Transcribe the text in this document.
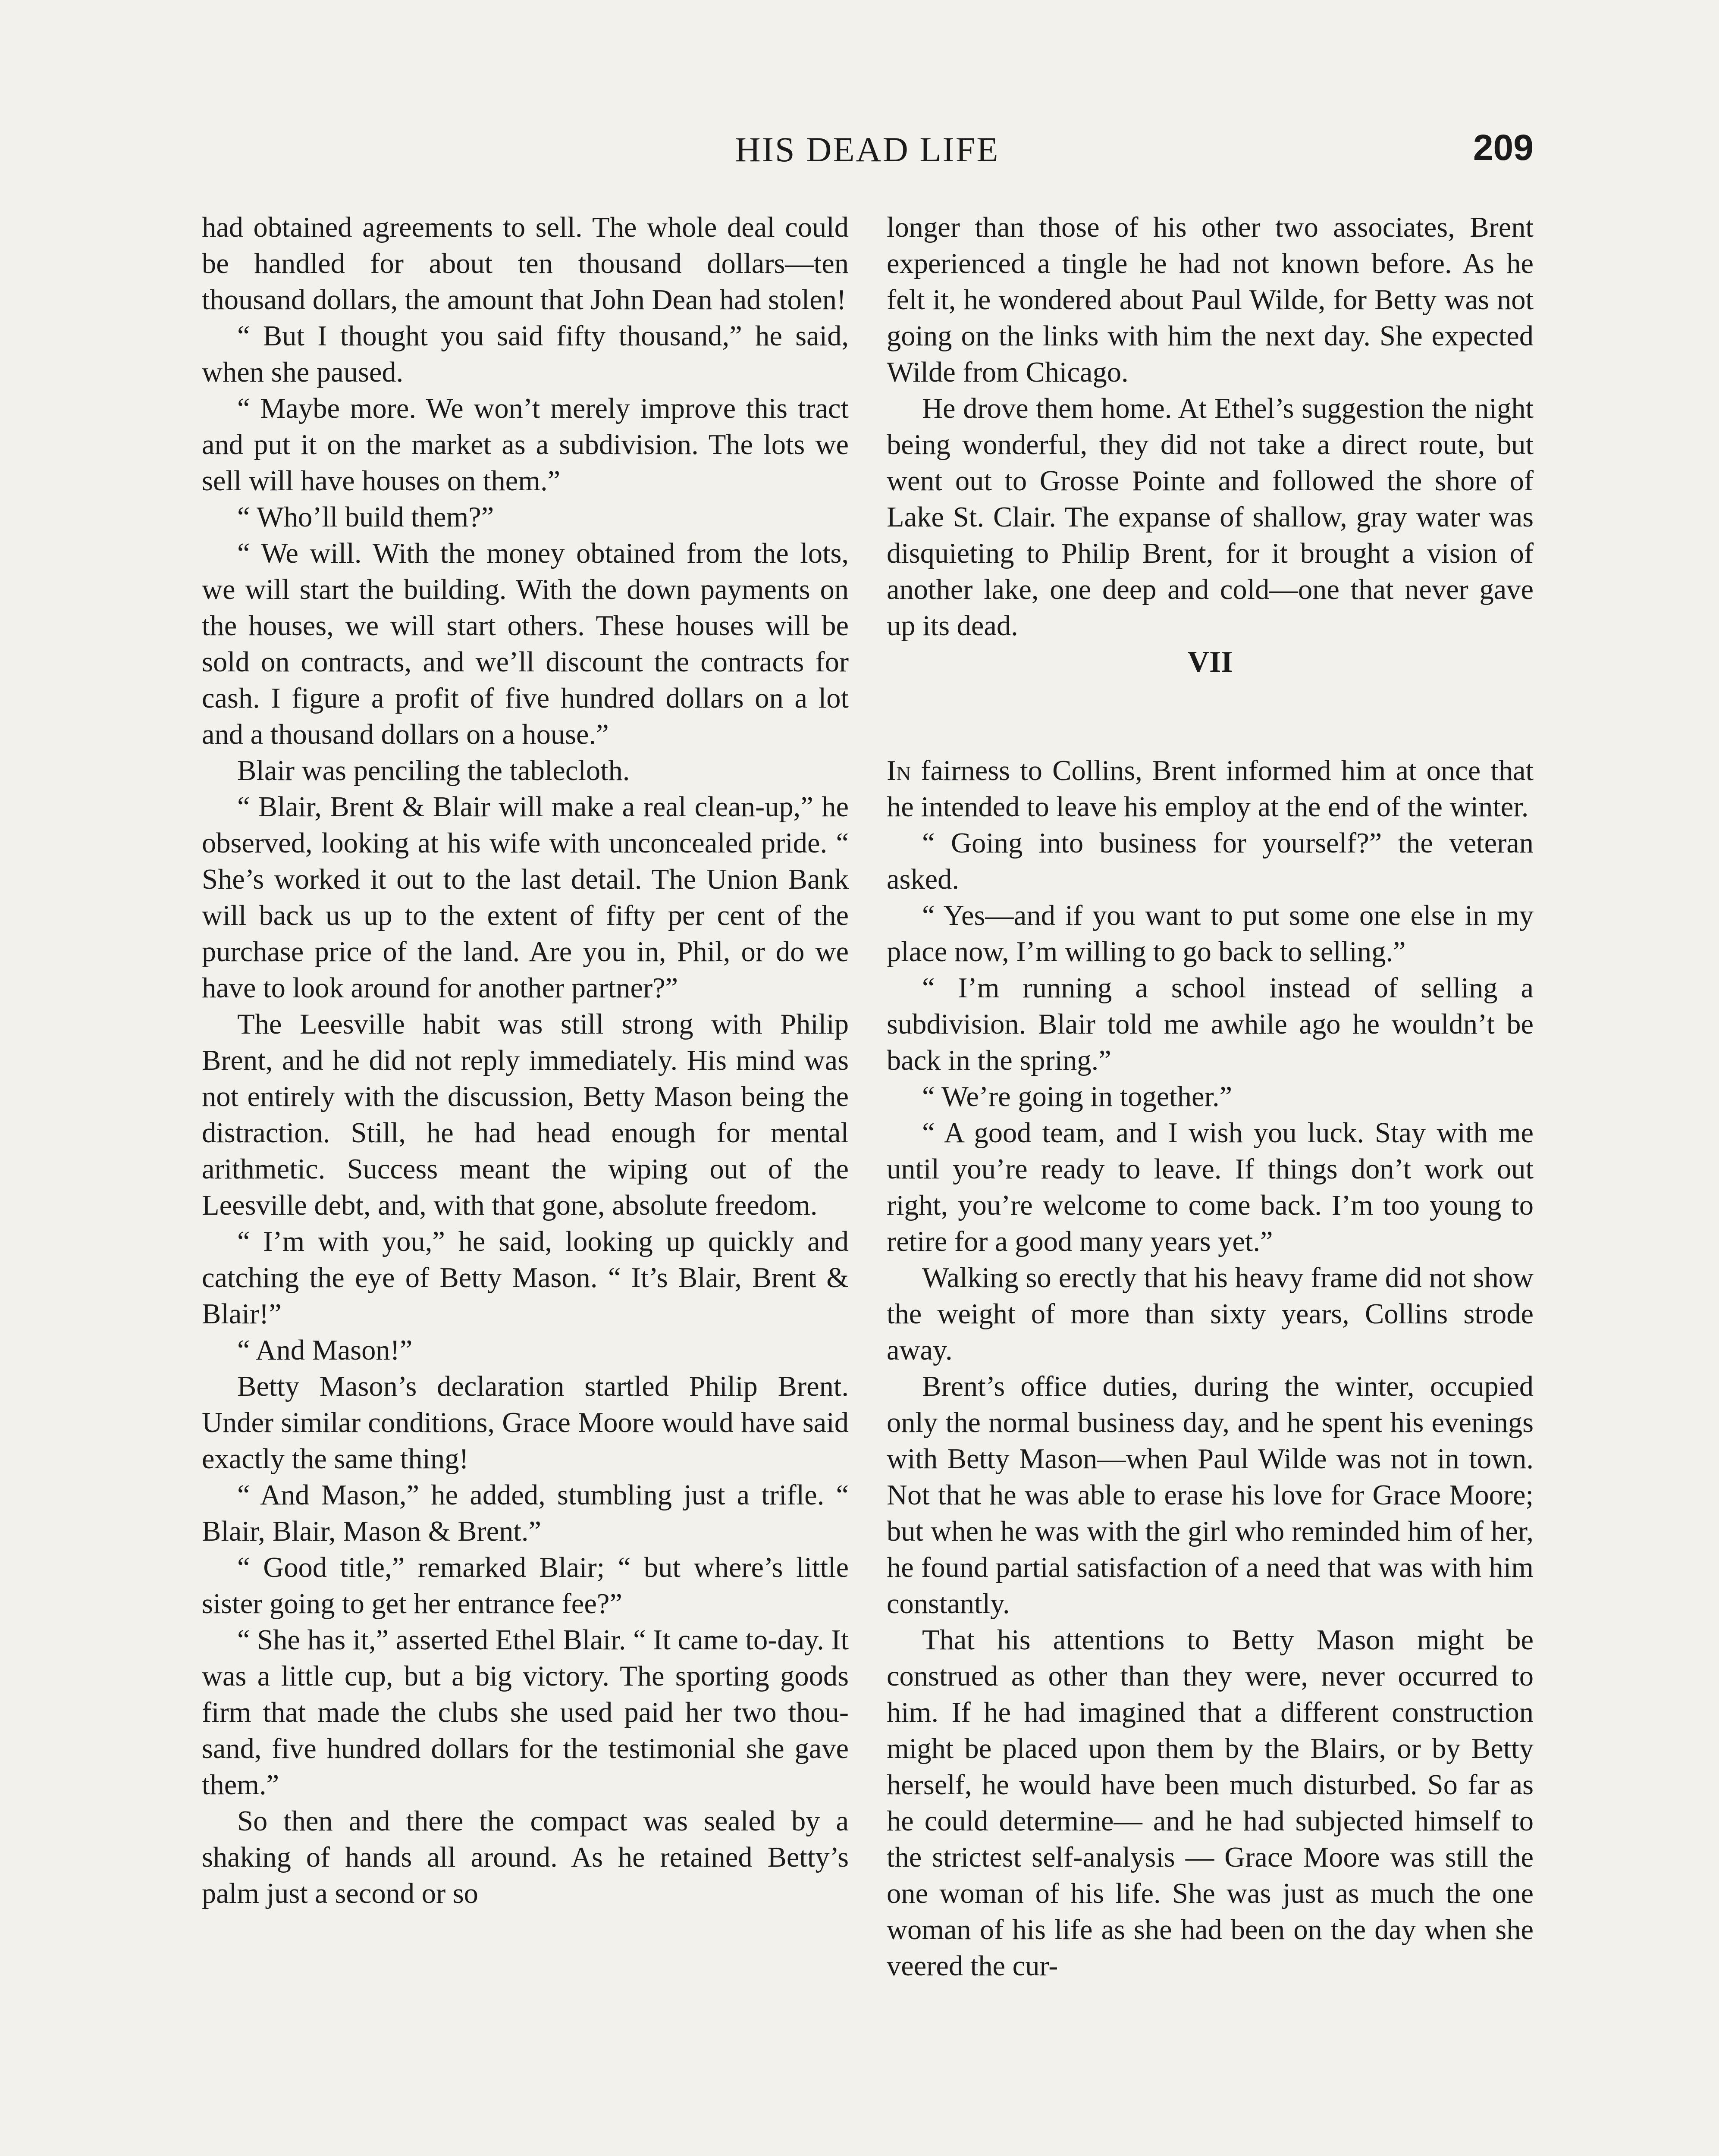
HIS DEAD LIFE	209

had obtained agreements to sell. The whole deal could be handled for about ten thousand dollars—ten thousand dollars, the amount that John Dean had stolen!

“ But I thought you said fifty thousand,” he said, when she paused.

“ Maybe more. We won’t merely improve this tract and put it on the market as a subdivision. The lots we sell will have houses on them.”

“ Who’ll build them?”

“ We will. With the money obtained from the lots, we will start the building. With the down payments on the houses, we will start others. These houses will be sold on contracts, and we’ll discount the contracts for cash. I figure a profit of five hundred dollars on a lot and a thousand dollars on a house.”

Blair was penciling the tablecloth.

“ Blair, Brent & Blair will make a real clean-up,” he observed, looking at his wife with unconcealed pride. “ She’s worked it out to the last detail. The Union Bank will back us up to the extent of fifty per cent of the purchase price of the land. Are you in, Phil, or do we have to look around for another partner?”

The Leesville habit was still strong with Philip Brent, and he did not reply immediately. His mind was not entirely with the discussion, Betty Mason being the distraction. Still, he had head enough for mental arithmetic. Success meant the wiping out of the Leesville debt, and, with that gone, absolute freedom.

“ I’m with you,” he said, looking up quickly and catching the eye of Betty Mason. “ It’s Blair, Brent & Blair!”

“ And Mason!”

Betty Mason’s declaration startled Philip Brent. Under similar conditions, Grace Moore would have said exactly the same thing!

“ And Mason,” he added, stumbling just a trifle. “ Blair, Blair, Mason & Brent.”

“ Good title,” remarked Blair; “ but where’s little sister going to get her entrance fee?”

“ She has it,” asserted Ethel Blair. “ It came to-day. It was a little cup, but a big victory. The sporting goods firm that made the clubs she used paid her two thousand, five hundred dollars for the testimonial she gave them.”

So then and there the compact was sealed by a shaking of hands all around. As he retained Betty’s palm just a second or so

longer than those of his other two associates, Brent experienced a tingle he had not known before. As he felt it, he wondered about Paul Wilde, for Betty was not going on the links with him the next day. She expected Wilde from Chicago.

He drove them home. At Ethel’s suggestion the night being wonderful, they did not take a direct route, but went out to Grosse Pointe and followed the shore of Lake St. Clair. The expanse of shallow, gray water was disquieting to Philip Brent, for it brought a vision of another lake, one deep and cold—one that never gave up its dead.

VII

In fairness to Collins, Brent informed him at once that he intended to leave his employ at the end of the winter.

“ Going into business for yourself?” the veteran asked.

“ Yes—and if you want to put some one else in my place now, I’m willing to go back to selling.”

“ I’m running a school instead of selling a subdivision. Blair told me awhile ago he wouldn’t be back in the spring.”

“ We’re going in together.”

“ A good team, and I wish you luck. Stay with me until you’re ready to leave. If things don’t work out right, you’re welcome to come back. I’m too young to retire for a good many years yet.”

Walking so erectly that his heavy frame did not show the weight of more than sixty years, Collins strode away.

Brent’s office duties, during the winter, occupied only the normal business day, and he spent his evenings with Betty Mason—when Paul Wilde was not in town. Not that he was able to erase his love for Grace Moore; but when he was with the girl who reminded him of her, he found partial satisfaction of a need that was with him constantly.

That his attentions to Betty Mason might be construed as other than they were, never occurred to him. If he had imagined that a different construction might be placed upon them by the Blairs, or by Betty herself, he would have been much disturbed. So far as he could determine— and he had subjected himself to the strictest self-analysis — Grace Moore was still the one woman of his life. She was just as much the one woman of his life as she had been on the day when she veered the cur-
